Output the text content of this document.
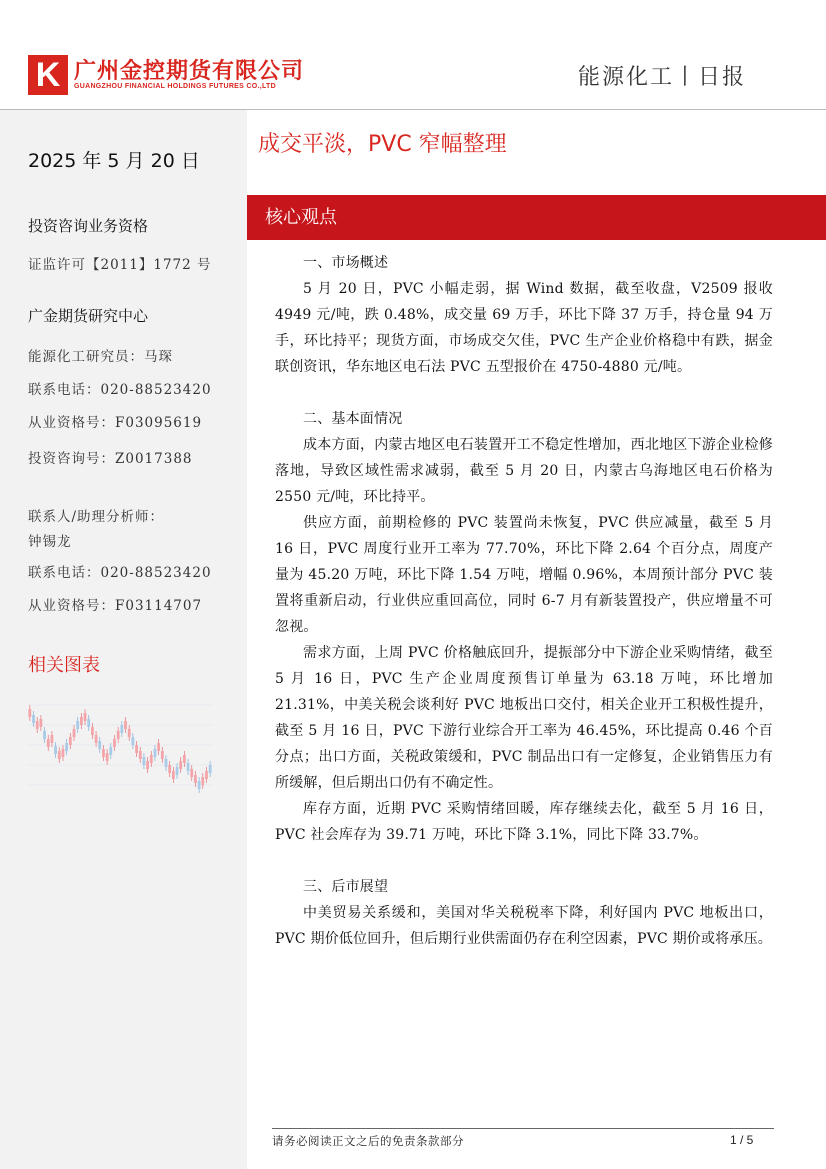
K 广州金控期货有限公司
GUANGZHOU FINANCIAL HOLDINGS FUTURES CO.,LTD	能源化工丨日报
2025 年 5 月 20 日
投资咨询业务资格
证监许可【2011】1772 号
广金期货研究中心
能源化工研究员：马琛
联系电话：020-88523420
从业资格号：F03095619
投资咨询号：Z0017388
联系人/助理分析师：
钟锡龙
联系电话：020-88523420
从业资格号：F03114707
相关图表
成交平淡，PVC 窄幅整理
核心观点
一、市场概述

5 月 20 日，PVC 小幅走弱，据 Wind 数据，截至收盘，V2509 报收 4949 元/吨，跌 0.48%，成交量 69 万手，环比下降 37 万手，持仓量 94 万手，环比持平；现货方面，市场成交欠佳，PVC 生产企业价格稳中有跌，据金联创资讯，华东地区电石法 PVC 五型报价在 4750-4880 元/吨。

二、基本面情况

成本方面，内蒙古地区电石装置开工不稳定性增加，西北地区下游企业检修落地，导致区域性需求减弱，截至 5 月 20 日，内蒙古乌海地区电石价格为 2550 元/吨，环比持平。

供应方面，前期检修的 PVC 装置尚未恢复，PVC 供应减量，截至 5 月 16 日，PVC 周度行业开工率为 77.70%，环比下降 2.64 个百分点，周度产量为 45.20 万吨，环比下降 1.54 万吨，增幅 0.96%，本周预计部分 PVC 装置将重新启动，行业供应重回高位，同时 6-7 月有新装置投产，供应增量不可忽视。

需求方面，上周 PVC 价格触底回升，提振部分中下游企业采购情绪，截至 5 月 16 日，PVC 生产企业周度预售订单量为 63.18 万吨，环比增加 21.31%，中美关税会谈利好 PVC 地板出口交付，相关企业开工积极性提升，截至 5 月 16 日，PVC 下游行业综合开工率为 46.45%，环比提高 0.46 个百分点；出口方面，关税政策缓和，PVC 制品出口有一定修复，企业销售压力有所缓解，但后期出口仍有不确定性。

库存方面，近期 PVC 采购情绪回暖，库存继续去化，截至 5 月 16 日，PVC 社会库存为 39.71 万吨，环比下降 3.1%，同比下降 33.7%。

三、后市展望

中美贸易关系缓和，美国对华关税税率下降，利好国内 PVC 地板出口，PVC 期价低位回升，但后期行业供需面仍存在利空因素，PVC 期价或将承压。

请务必阅读正文之后的免责条款部分	1 / 5
